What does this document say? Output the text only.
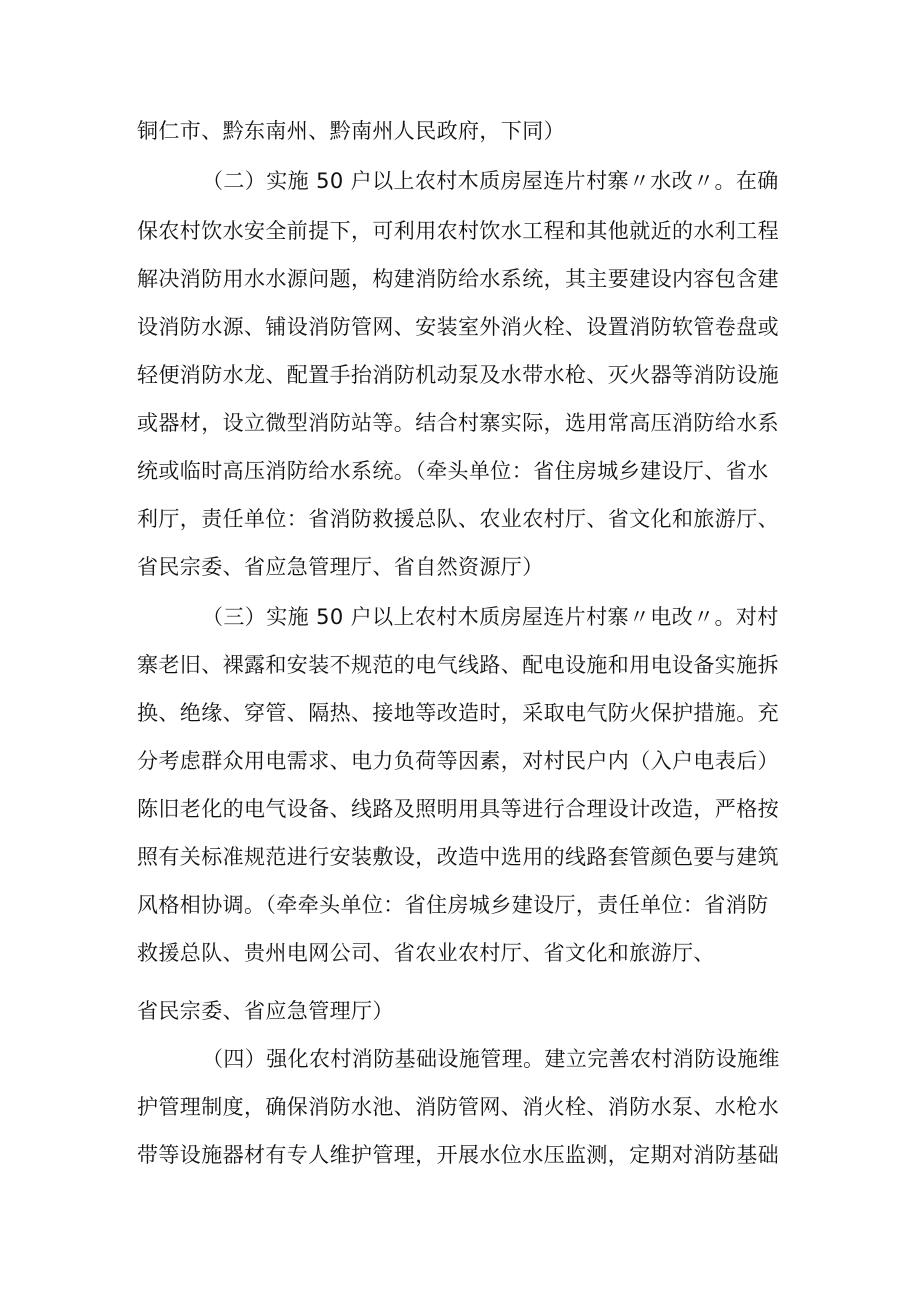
铜仁市、黔东南州、黔南州人民政府，下同）
（二）实施 50 户以上农村木质房屋连片村寨〃水改〃。在确
保农村饮水安全前提下，可利用农村饮水工程和其他就近的水利工程
解决消防用水水源问题，构建消防给水系统，其主要建设内容包含建
设消防水源、铺设消防管网、安装室外消火栓、设置消防软管卷盘或
轻便消防水龙、配置手抬消防机动泵及水带水枪、灭火器等消防设施
或器材，设立微型消防站等。结合村寨实际，选用常高压消防给水系
统或临时高压消防给水系统。（牵头单位：省住房城乡建设厅、省水
利厅，责任单位：省消防救援总队、农业农村厅、省文化和旅游厅、
省民宗委、省应急管理厅、省自然资源厅）
（三）实施 50 户以上农村木质房屋连片村寨〃电改〃。对村
寨老旧、裸露和安装不规范的电气线路、配电设施和用电设备实施拆
换、绝缘、穿管、隔热、接地等改造时，采取电气防火保护措施。充
分考虑群众用电需求、电力负荷等因素，对村民户内（入户电表后）
陈旧老化的电气设备、线路及照明用具等进行合理设计改造，严格按
照有关标准规范进行安装敷设，改造中选用的线路套管颜色要与建筑
风格相协调。（牵牵头单位：省住房城乡建设厅，责任单位：省消防
救援总队、贵州电网公司、省农业农村厅、省文化和旅游厅、
省民宗委、省应急管理厅）
（四）强化农村消防基础设施管理。建立完善农村消防设施维
护管理制度，确保消防水池、消防管网、消火栓、消防水泵、水枪水
带等设施器材有专人维护管理，开展水位水压监测，定期对消防基础
